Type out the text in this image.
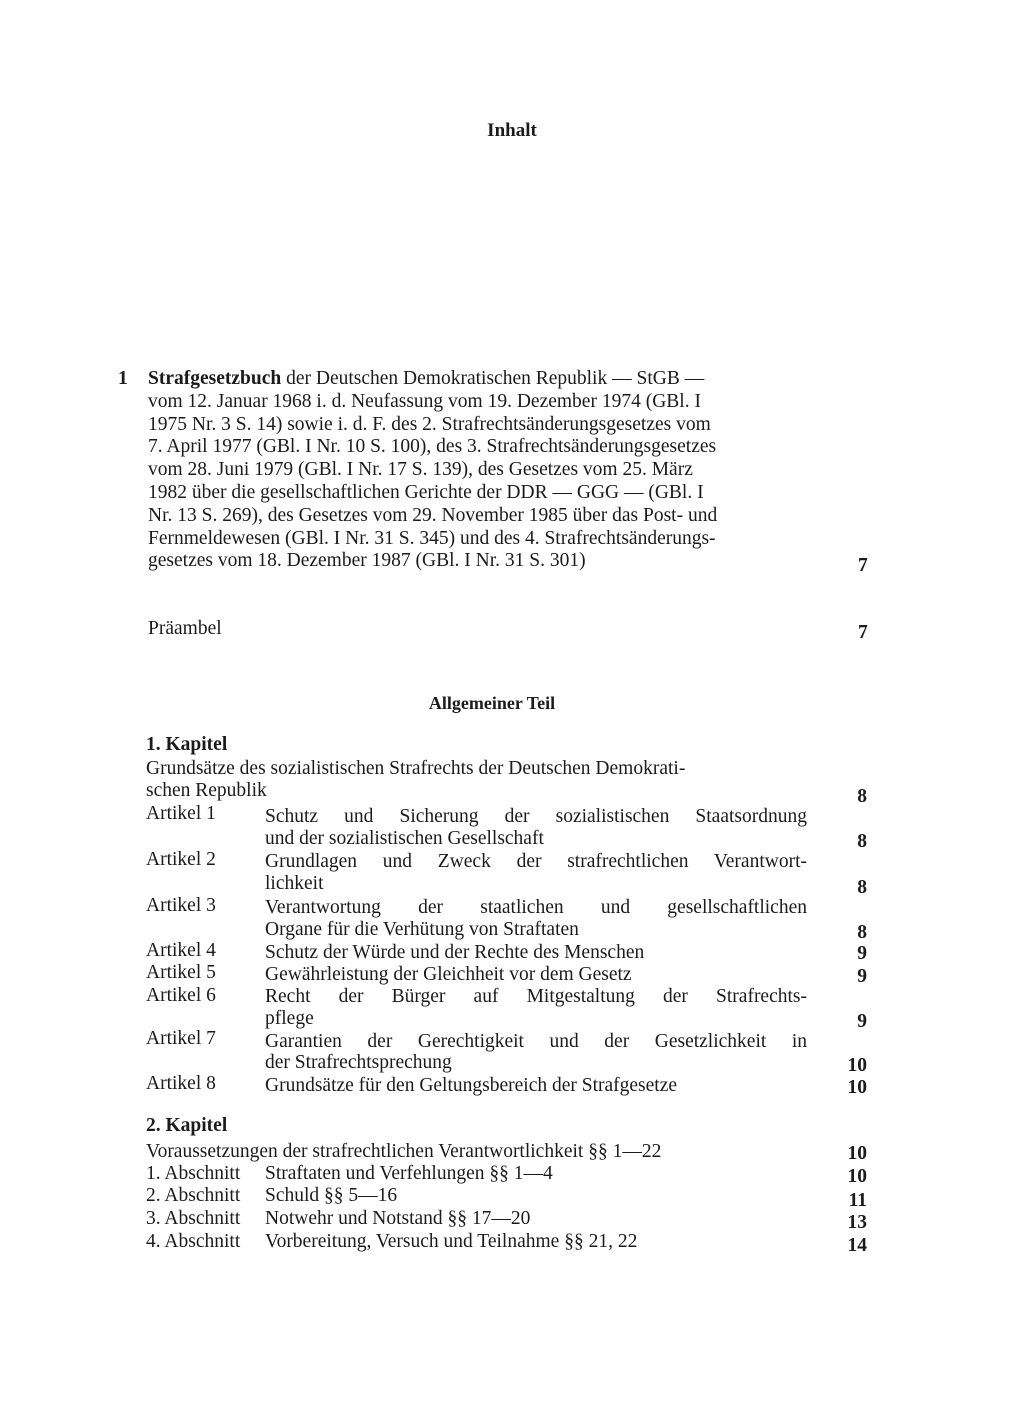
Inhalt
1 Strafgesetzbuch der Deutschen Demokratischen Republik — StGB —
vom 12. Januar 1968 i. d. Neufassung vom 19. Dezember 1974 (GBl. I
1975 Nr. 3 S. 14) sowie i. d. F. des 2. Strafrechtsänderungsgesetzes vom
7. April 1977 (GBl. I Nr. 10 S. 100), des 3. Strafrechtsänderungsgesetzes
vom 28. Juni 1979 (GBl. I Nr. 17 S. 139), des Gesetzes vom 25. März
1982 über die gesellschaftlichen Gerichte der DDR — GGG — (GBl. I
Nr. 13 S. 269), des Gesetzes vom 29. November 1985 über das Post- und
Fernmeldewesen (GBl. I Nr. 31 S. 345) und des 4. Strafrechtsänderungs-
gesetzes vom 18. Dezember 1987 (GBl. I Nr. 31 S. 301)	7
Präambel	7
Allgemeiner Teil
1. Kapitel
Grundsätze des sozialistischen Strafrechts der Deutschen Demokrati-
schen Republik	8
Artikel 1	Schutz und Sicherung der sozialistischen Staatsordnung
und der sozialistischen Gesellschaft	8
Artikel 2	Grundlagen und Zweck der strafrechtlichen Verantwort-
lichkeit	8
Artikel 3	Verantwortung der staatlichen und gesellschaftlichen
Organe für die Verhütung von Straftaten	8
Artikel 4	Schutz der Würde und der Rechte des Menschen	9
Artikel 5	Gewährleistung der Gleichheit vor dem Gesetz	9
Artikel 6	Recht der Bürger auf Mitgestaltung der Strafrechts-
pflege	9
Artikel 7	Garantien der Gerechtigkeit und der Gesetzlichkeit in
der Strafrechtsprechung	10
Artikel 8	Grundsätze für den Geltungsbereich der Strafgesetze	10
2. Kapitel
Voraussetzungen der strafrechtlichen Verantwortlichkeit §§ 1—22	10
1. Abschnitt Straftaten und Verfehlungen §§ 1—4	10
2. Abschnitt Schuld §§ 5—16	11
3. Abschnitt Notwehr und Notstand §§ 17—20	13
4. Abschnitt Vorbereitung, Versuch und Teilnahme §§ 21, 22	14
